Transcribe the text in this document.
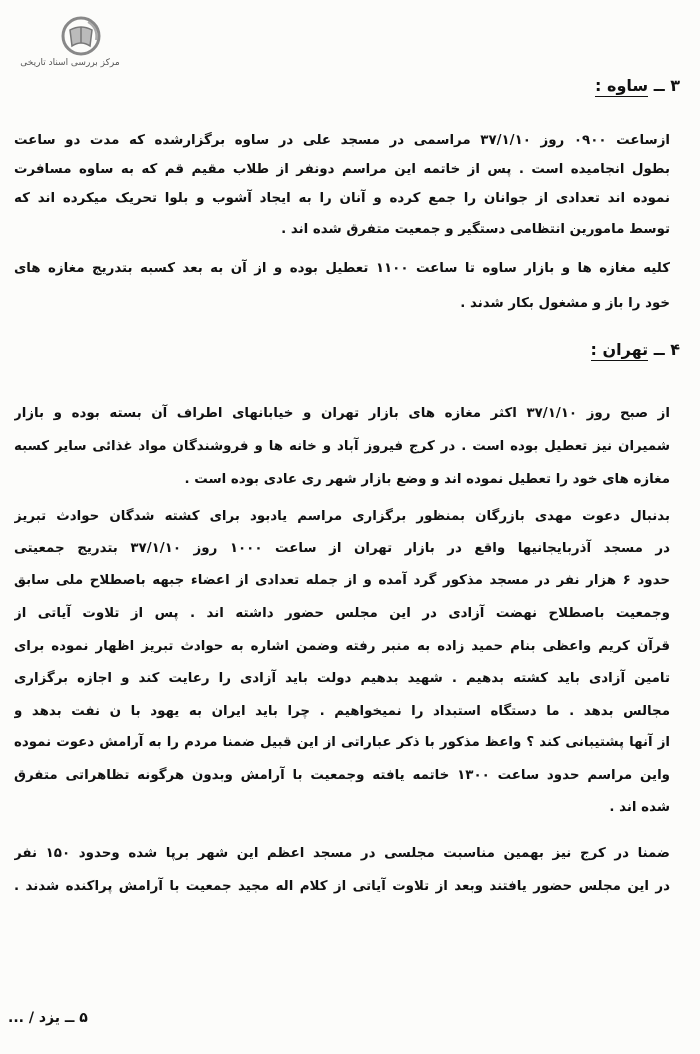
مرکز بررسی اسناد تاریخی
۳ ــ ساوه :
ازساعت ۰۹۰۰ روز ۳۷/۱/۱۰ مراسمی در مسجد علی در ساوه برگزارشده که مدت دو ساعت
بطول انجامیده است . پس از خاتمه این مراسم دونفر از طلاب مقیم قم که به ساوه مسافرت
نموده اند تعدادی از جوانان را جمع کرده و آنان را به ایجاد آشوب و بلوا تحریک میکرده اند که
توسط مامورین انتظامی دستگیر و جمعیت متفرق شده اند .
کلیه مغازه ها و بازار ساوه تا ساعت ۱۱۰۰ تعطیل بوده و از آن به بعد کسبه بتدریج مغازه های
خود را باز و مشغول بکار شدند .
۴ ــ تهران :
از صبح روز ۳۷/۱/۱۰ اکثر مغازه های بازار تهران و خیابانهای اطراف آن بسته بوده و بازار
شمیران نیز تعطیل بوده است . در کرج فیروز آباد و خانه ها و فروشندگان مواد غذائی سایر کسبه
مغازه های خود را تعطیل نموده اند و وضع بازار شهر ری عادی بوده است .
بدنبال دعوت مهدی بازرگان بمنظور برگزاری مراسم یادبود برای کشته شدگان حوادث تبریز
در مسجد آذربایجانیها واقع در بازار تهران از ساعت ۱۰۰۰ روز ۳۷/۱/۱۰ بتدریج جمعیتی
حدود ۶ هزار نفر در مسجد مذکور گرد آمده و از جمله تعدادی از اعضاء جبهه باصطلاح ملی سابق
وجمعیت باصطلاح نهضت آزادی در این مجلس حضور داشته اند . پس از تلاوت آیاتی از
قرآن کریم واعظی بنام حمید زاده به منبر رفته وضمن اشاره به حوادث تبریز اظهار نموده برای
تامین آزادی باید کشته بدهیم . شهید بدهیم دولت باید آزادی را رعایت کند و اجازه برگزاری
مجالس بدهد . ما دستگاه استبداد را نمیخواهیم . چرا باید ایران به یهود با ن نفت بدهد و
از آنها پشتیبانی کند ؟ واعظ مذکور با ذکر عباراتی از این قبیل ضمنا مردم را به آرامش دعوت نموده
واین مراسم حدود ساعت ۱۳۰۰ خاتمه یافته وجمعیت با آرامش وبدون هرگونه تظاهراتی متفرق
شده اند .
ضمنا در کرج نیز بهمین مناسبت مجلسی در مسجد اعظم این شهر برپا شده وحدود ۱۵۰ نفر
در این مجلس حضور یافتند وبعد از تلاوت آیاتی از کلام اله مجید جمعیت با آرامش پراکنده شدند .
۵ ــ یزد / ...
